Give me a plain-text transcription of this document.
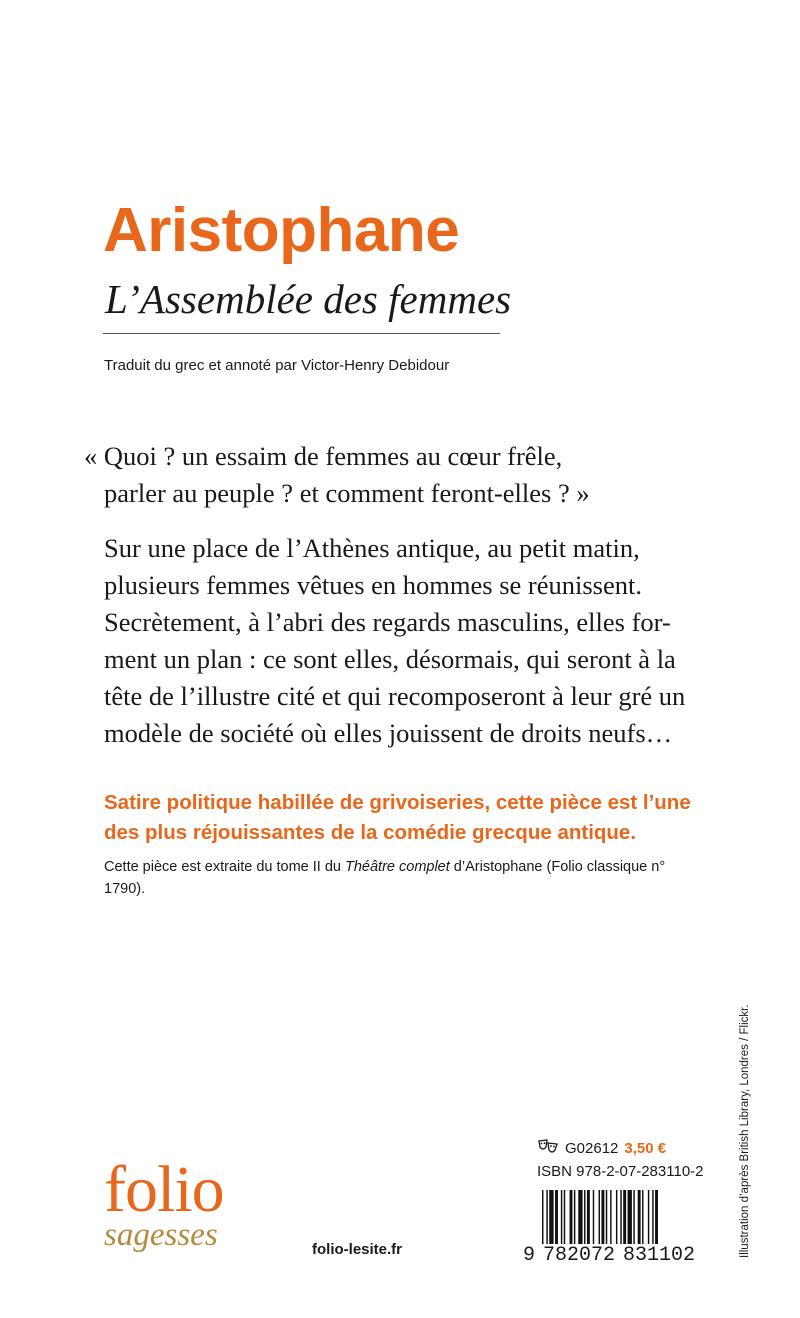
Aristophane
L’Assemblée des femmes
Traduit du grec et annoté par Victor-Henry Debidour
« Quoi ? un essaim de femmes au cœur frêle,
parler au peuple ? et comment feront-elles ? »
Sur une place de l’Athènes antique, au petit matin,
plusieurs femmes vêtues en hommes se réunissent.
Secrètement, à l’abri des regards masculins, elles for-
ment un plan : ce sont elles, désormais, qui seront à la
tête de l’illustre cité et qui recomposeront à leur gré un
modèle de société où elles jouissent de droits neufs…
Satire politique habillée de grivoiseries, cette pièce est l’une
des plus réjouissantes de la comédie grecque antique.
Cette pièce est extraite du tome II du Théâtre complet d’Aristophane (Folio classique n° 1790).
folio
sagesses	folio-lesite.fr
G02612 3,50 €
ISBN 978-2-07-283110-2
9 782072 831102	Illustration d’après British Library, Londres / Flickr.
